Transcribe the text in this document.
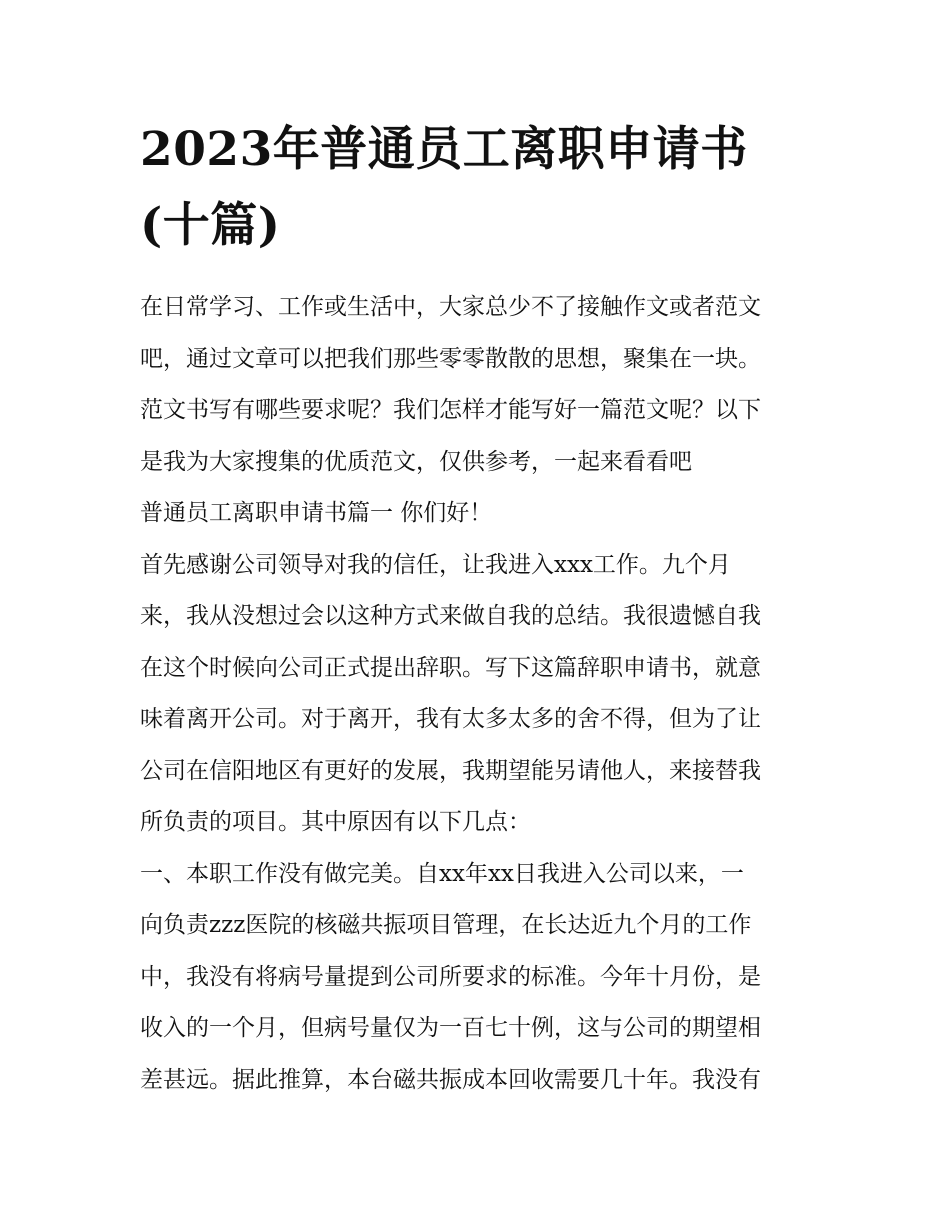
2023年普通员工离职申请书
(十篇)
在日常学习、工作或生活中，大家总少不了接触作文或者范文
吧，通过文章可以把我们那些零零散散的思想，聚集在一块。
范文书写有哪些要求呢？我们怎样才能写好一篇范文呢？以下
是我为大家搜集的优质范文，仅供参考，一起来看看吧
普通员工离职申请书篇一 你们好！
首先感谢公司领导对我的信任，让我进入xxx工作。九个月
来，我从没想过会以这种方式来做自我的总结。我很遗憾自我
在这个时候向公司正式提出辞职。写下这篇辞职申请书，就意
味着离开公司。对于离开，我有太多太多的舍不得，但为了让
公司在信阳地区有更好的发展，我期望能另请他人，来接替我
所负责的项目。其中原因有以下几点：
一、本职工作没有做完美。自xx年xx日我进入公司以来，一
向负责zzz医院的核磁共振项目管理，在长达近九个月的工作
中，我没有将病号量提到公司所要求的标准。今年十月份，是
收入的一个月，但病号量仅为一百七十例，这与公司的期望相
差甚远。据此推算，本台磁共振成本回收需要几十年。我没有
